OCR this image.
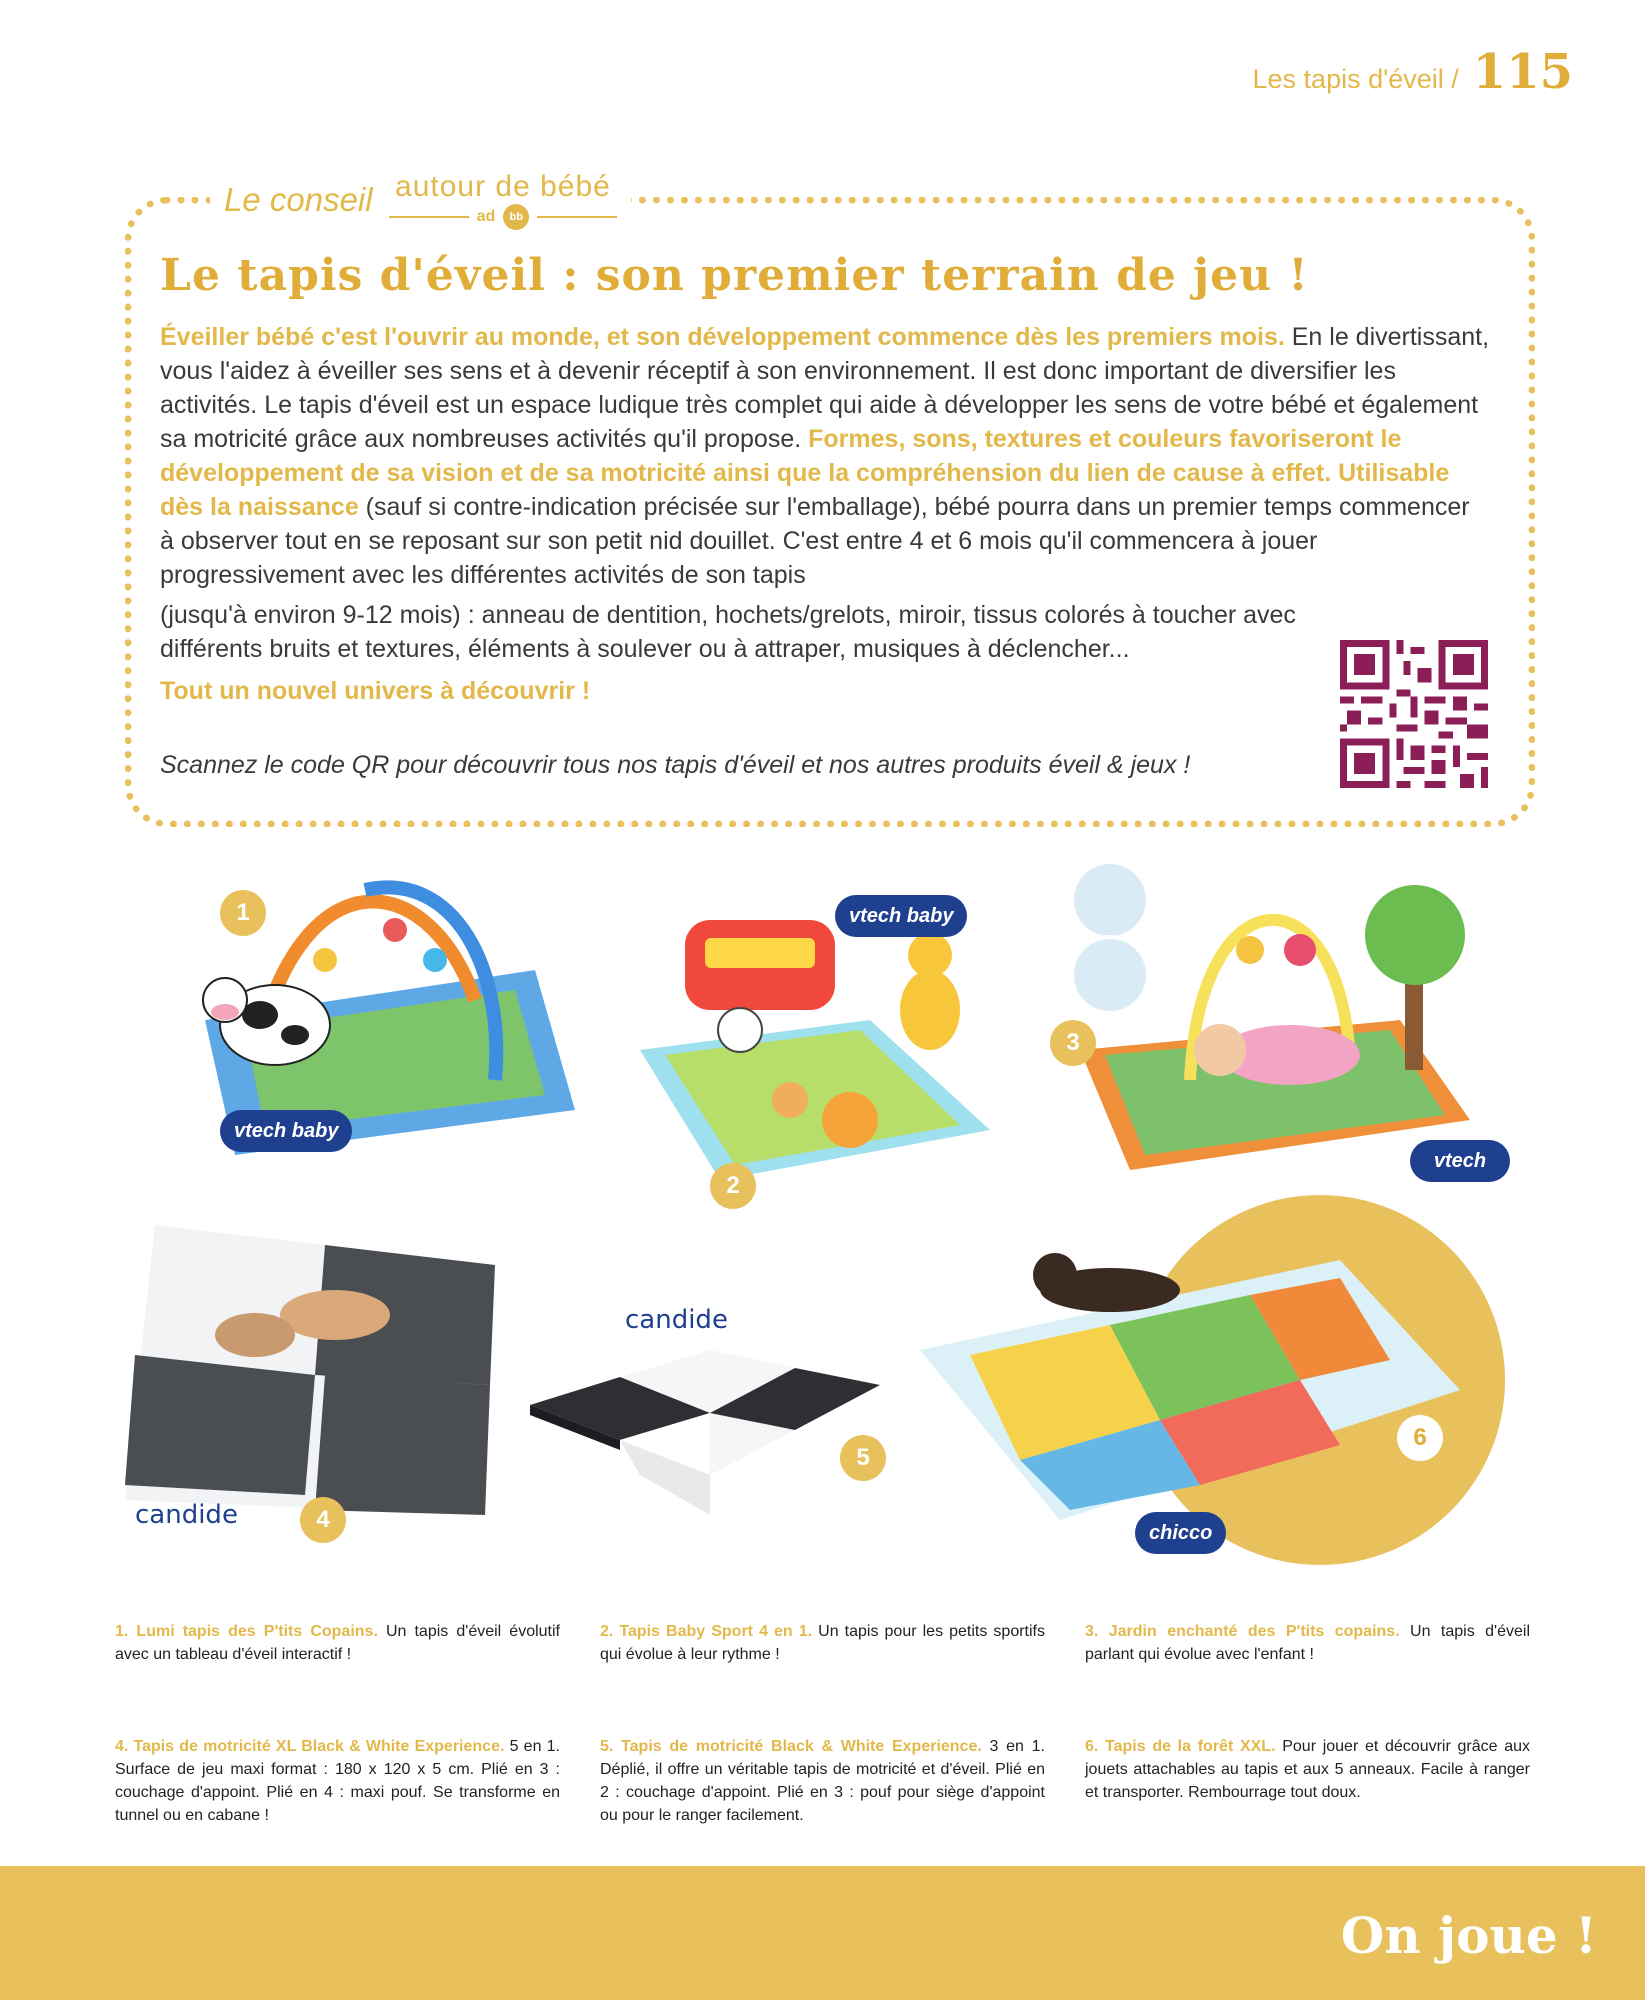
Les tapis d'éveil / 115
Le conseil autour de bébé
ad	bb
Le tapis d'éveil : son premier terrain de jeu !

Éveiller bébé c'est l'ouvrir au monde, et son développement commence dès les premiers mois. En le divertissant, vous l'aidez à éveiller ses sens et à devenir réceptif à son environnement. Il est donc important de diversifier les activités. Le tapis d'éveil est un espace ludique très complet qui aide à développer les sens de votre bébé et également sa motricité grâce aux nombreuses activités qu'il propose. Formes, sons, textures et couleurs favoriseront le développement de sa vision et de sa motricité ainsi que la compréhension du lien de cause à effet. Utilisable dès la naissance (sauf si contre-indication précisée sur l'emballage), bébé pourra dans un premier temps commencer à observer tout en se reposant sur son petit nid douillet. C'est entre 4 et 6 mois qu'il commencera à jouer progressivement avec les différentes activités de son tapis

(jusqu'à environ 9-12 mois) : anneau de dentition, hochets/grelots, miroir, tissus colorés à toucher avec différents bruits et textures, éléments à soulever ou à attraper, musiques à déclencher...

Tout un nouvel univers à découvrir !

Scannez le code QR pour découvrir tous nos tapis d'éveil et nos autres produits éveil & jeux !

1
vtech baby
2
vtech baby
3
vtech baby
4
candide
5
candide
6
chicco
1. Lumi tapis des P'tits Copains. Un tapis d'éveil évolutif avec un tableau d'éveil interactif !
2. Tapis Baby Sport 4 en 1. Un tapis pour les petits sportifs qui évolue à leur rythme !
3. Jardin enchanté des P'tits copains. Un tapis d'éveil parlant qui évolue avec l'enfant !
4. Tapis de motricité XL Black & White Experience. 5 en 1. Surface de jeu maxi format : 180 x 120 x 5 cm. Plié en 3 : couchage d'appoint. Plié en 4 : maxi pouf. Se transforme en tunnel ou en cabane !
5. Tapis de motricité Black & White Experience. 3 en 1. Déplié, il offre un véritable tapis de motricité et d'éveil. Plié en 2 : couchage d'appoint. Plié en 3 : pouf pour siège d'appoint ou pour le ranger facilement.
6. Tapis de la forêt XXL. Pour jouer et découvrir grâce aux jouets attachables au tapis et aux 5 anneaux. Facile à ranger et transporter. Rembourrage tout doux.
On joue !
